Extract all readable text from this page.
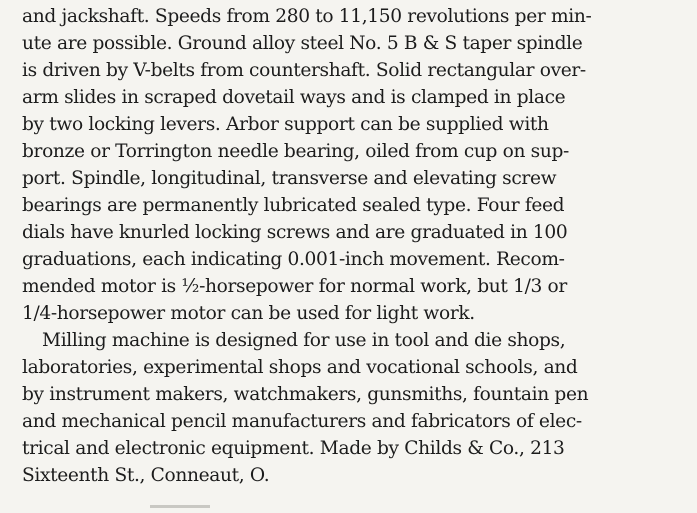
and jackshaft. Speeds from 280 to 11,150 revolutions per min-
ute are possible. Ground alloy steel No. 5 B & S taper spindle
is driven by V-belts from countershaft. Solid rectangular over-
arm slides in scraped dovetail ways and is clamped in place
by two locking levers. Arbor support can be supplied with
bronze or Torrington needle bearing, oiled from cup on sup-
port. Spindle, longitudinal, transverse and elevating screw
bearings are permanently lubricated sealed type. Four feed
dials have knurled locking screws and are graduated in 100
graduations, each indicating 0.001-inch movement. Recom-
mended motor is ½-horsepower for normal work, but 1/3 or
1/4-horsepower motor can be used for light work.
Milling machine is designed for use in tool and die shops,
laboratories, experimental shops and vocational schools, and
by instrument makers, watchmakers, gunsmiths, fountain pen
and mechanical pencil manufacturers and fabricators of elec-
trical and electronic equipment. Made by Childs & Co., 213
Sixteenth St., Conneaut, O.
